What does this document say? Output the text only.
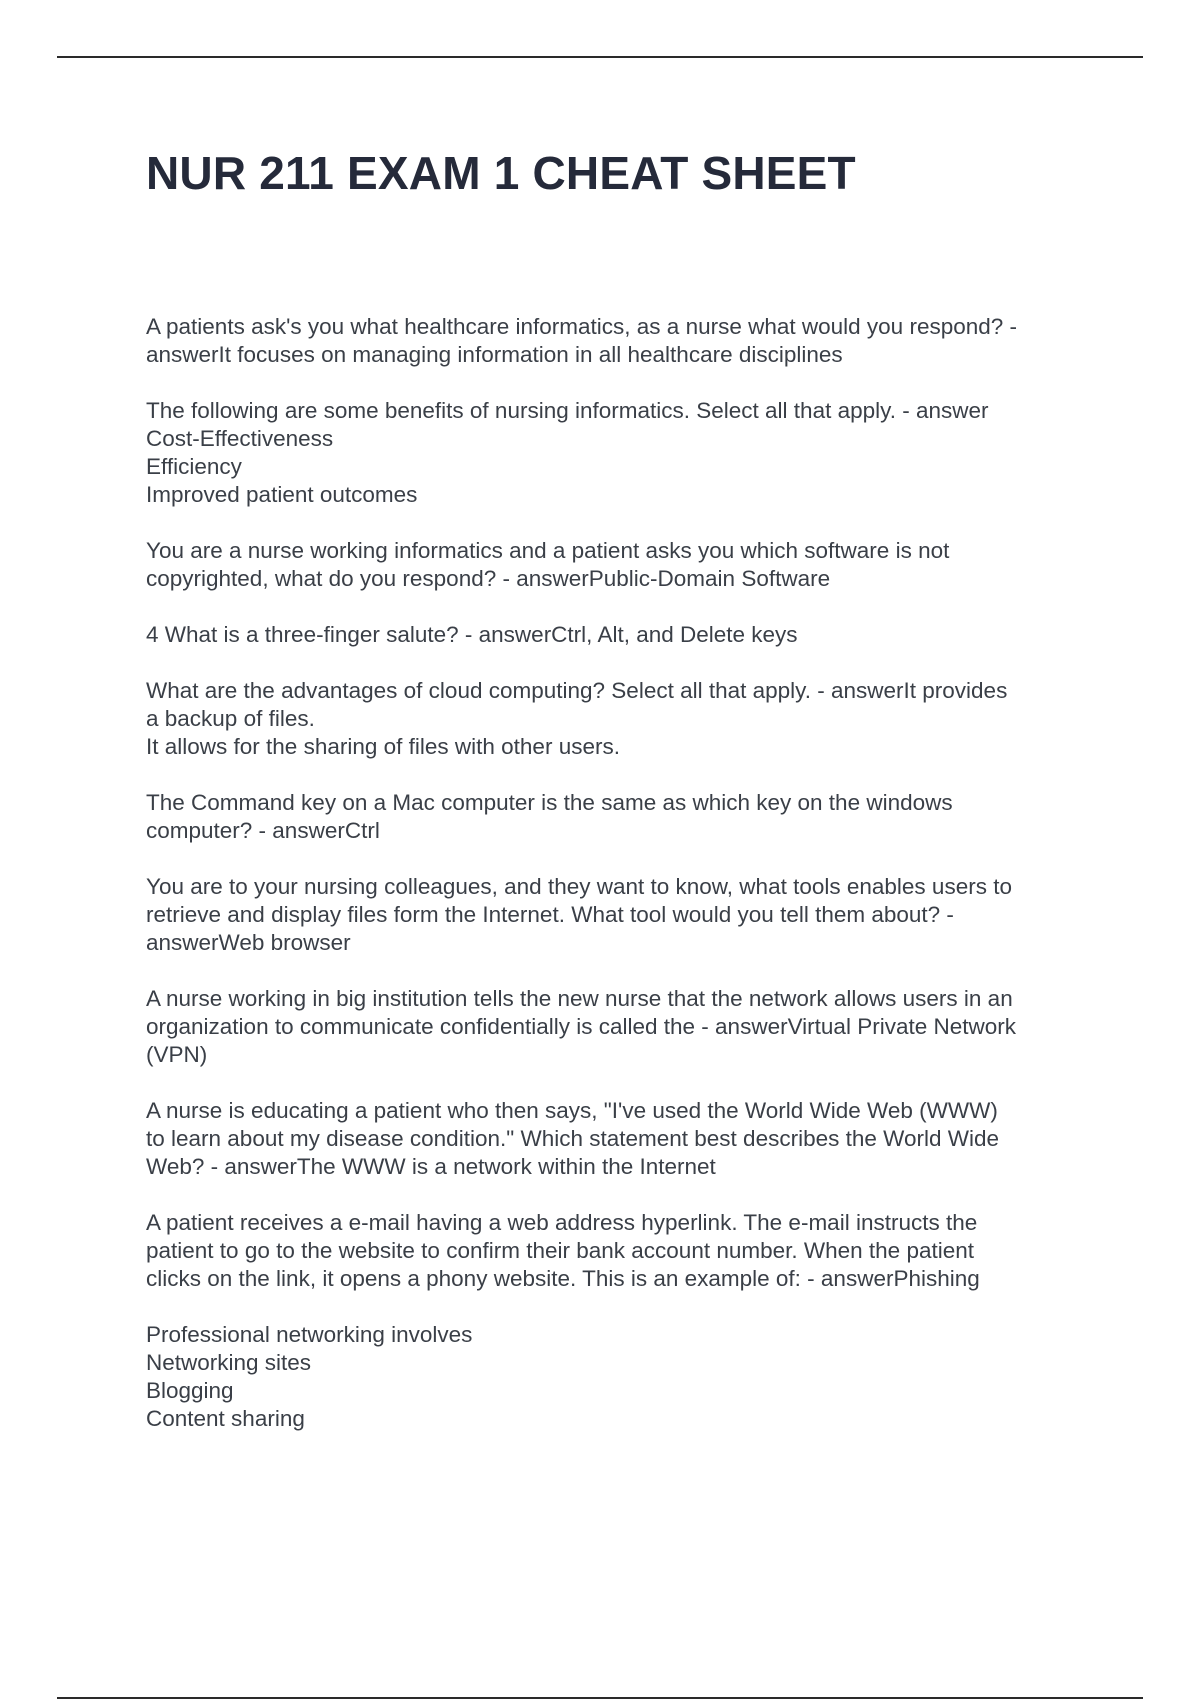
NUR 211 EXAM 1 CHEAT SHEET

A patients ask's you what healthcare informatics, as a nurse what would you respond? -
answerIt focuses on managing information in all healthcare disciplines

The following are some benefits of nursing informatics. Select all that apply. - answer
Cost-Effectiveness
Efficiency
Improved patient outcomes

You are a nurse working informatics and a patient asks you which software is not
copyrighted, what do you respond? - answerPublic-Domain Software

4 What is a three-finger salute? - answerCtrl, Alt, and Delete keys

What are the advantages of cloud computing? Select all that apply. - answerIt provides
a backup of files.
It allows for the sharing of files with other users.

The Command key on a Mac computer is the same as which key on the windows
computer? - answerCtrl

You are to your nursing colleagues, and they want to know, what tools enables users to
retrieve and display files form the Internet. What tool would you tell them about? -
answerWeb browser

A nurse working in big institution tells the new nurse that the network allows users in an
organization to communicate confidentially is called the - answerVirtual Private Network
(VPN)

A nurse is educating a patient who then says, "I've used the World Wide Web (WWW)
to learn about my disease condition." Which statement best describes the World Wide
Web? - answerThe WWW is a network within the Internet

A patient receives a e-mail having a web address hyperlink. The e-mail instructs the
patient to go to the website to confirm their bank account number. When the patient
clicks on the link, it opens a phony website. This is an example of: - answerPhishing

Professional networking involves
Networking sites
Blogging
Content sharing
